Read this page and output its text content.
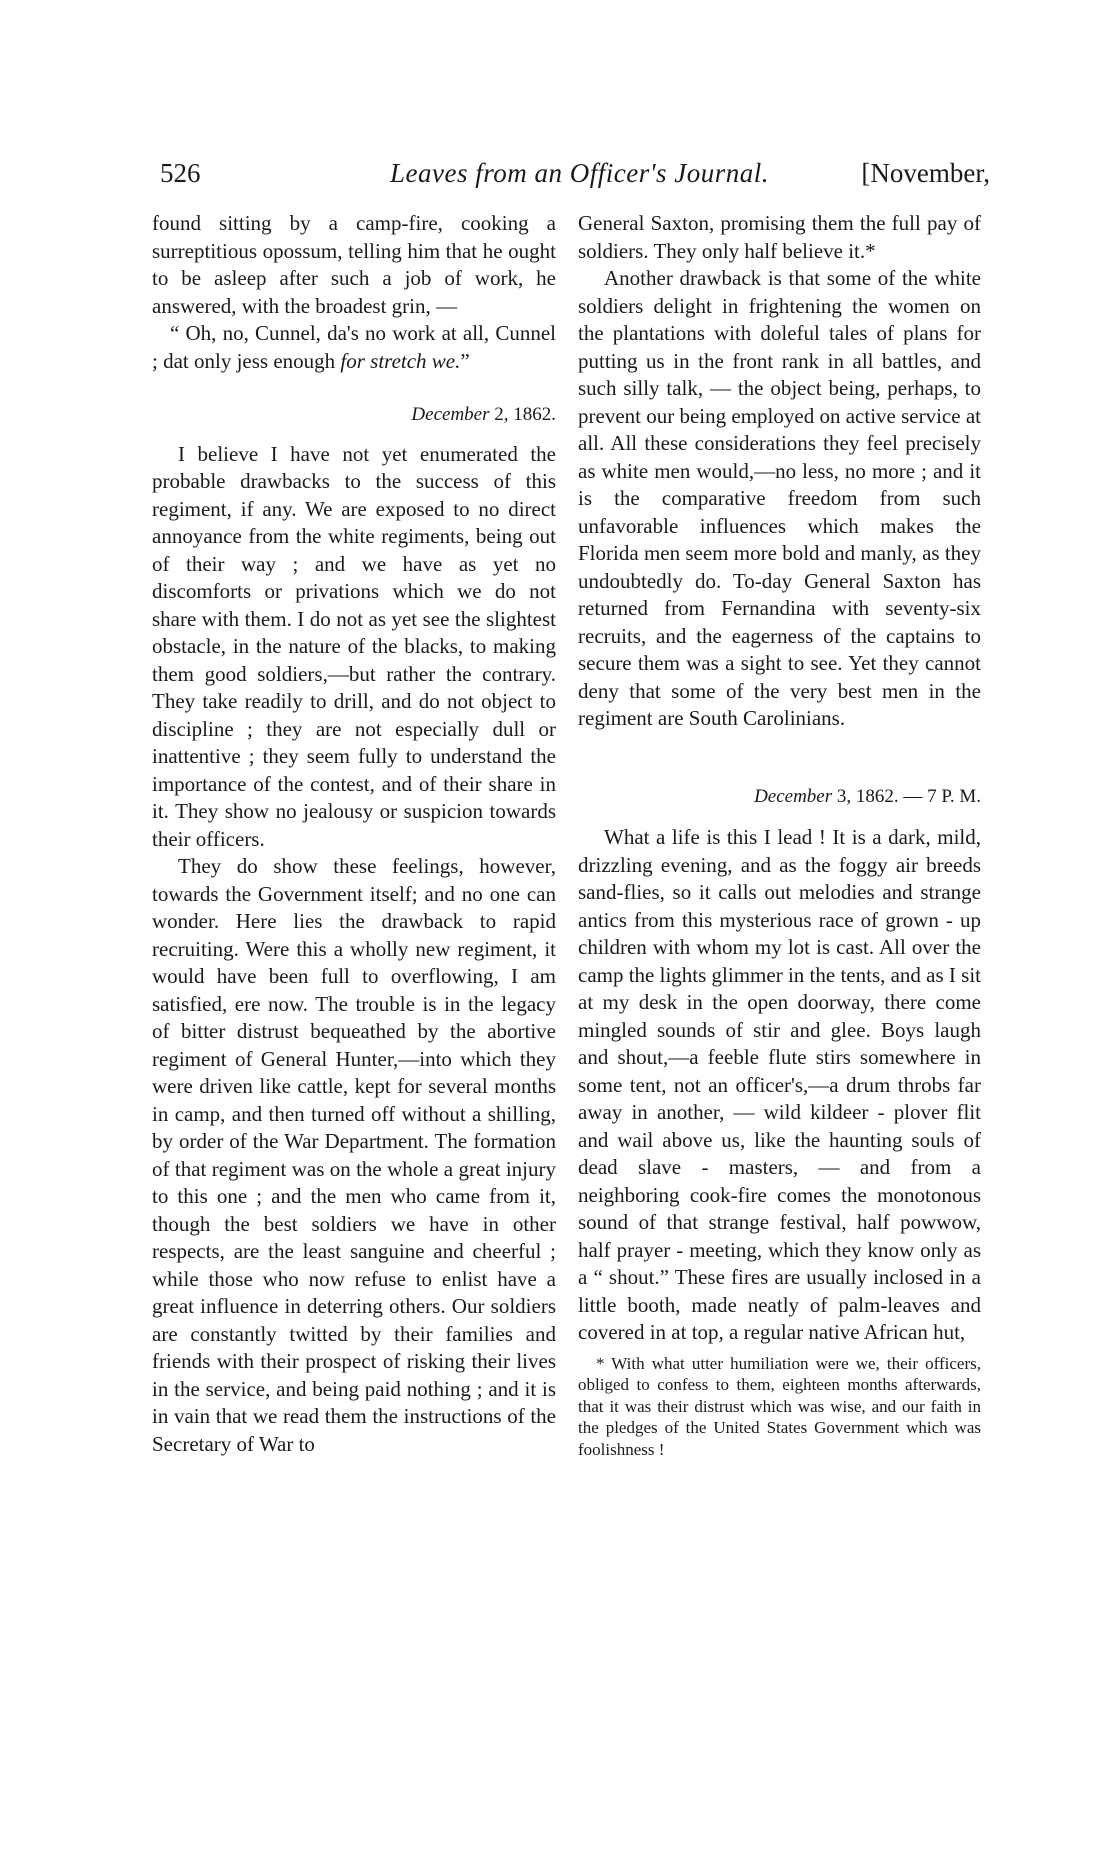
526	Leaves from an Officer's Journal.	[November,

found sitting by a camp-fire, cooking a surreptitious opossum, telling him that he ought to be asleep after such a job of work, he answered, with the broadest grin, —

“ Oh, no, Cunnel, da's no work at all, Cunnel ; dat only jess enough for stretch we.”

December 2, 1862.

I believe I have not yet enumerated the probable drawbacks to the success of this regiment, if any. We are exposed to no direct annoyance from the white regiments, being out of their way ; and we have as yet no discomforts or privations which we do not share with them. I do not as yet see the slightest obstacle, in the nature of the blacks, to making them good soldiers,—but rather the contrary. They take readily to drill, and do not object to discipline ; they are not especially dull or inattentive ; they seem fully to understand the importance of the contest, and of their share in it. They show no jealousy or suspicion towards their officers.

They do show these feelings, however, towards the Government itself; and no one can wonder. Here lies the drawback to rapid recruiting. Were this a wholly new regiment, it would have been full to overflowing, I am satisfied, ere now. The trouble is in the legacy of bitter distrust bequeathed by the abortive regiment of General Hunter,—into which they were driven like cattle, kept for several months in camp, and then turned off without a shilling, by order of the War Department. The formation of that regiment was on the whole a great injury to this one ; and the men who came from it, though the best soldiers we have in other respects, are the least sanguine and cheerful ; while those who now refuse to enlist have a great influence in deterring others. Our soldiers are constantly twitted by their families and friends with their prospect of risking their lives in the service, and being paid nothing ; and it is in vain that we read them the instructions of the Secretary of War to

General Saxton, promising them the full pay of soldiers. They only half believe it.*

Another drawback is that some of the white soldiers delight in frightening the women on the plantations with doleful tales of plans for putting us in the front rank in all battles, and such silly talk, — the object being, perhaps, to prevent our being employed on active service at all. All these considerations they feel precisely as white men would,—no less, no more ; and it is the comparative freedom from such unfavorable influences which makes the Florida men seem more bold and manly, as they undoubtedly do. To-day General Saxton has returned from Fernandina with seventy-six recruits, and the eagerness of the captains to secure them was a sight to see. Yet they cannot deny that some of the very best men in the regiment are South Carolinians.

December 3, 1862. — 7 P. M.

What a life is this I lead ! It is a dark, mild, drizzling evening, and as the foggy air breeds sand-flies, so it calls out melodies and strange antics from this mysterious race of grown - up children with whom my lot is cast. All over the camp the lights glimmer in the tents, and as I sit at my desk in the open doorway, there come mingled sounds of stir and glee. Boys laugh and shout,—a feeble flute stirs somewhere in some tent, not an officer's,—a drum throbs far away in another, — wild kildeer - plover flit and wail above us, like the haunting souls of dead slave - masters, — and from a neighboring cook-fire comes the monotonous sound of that strange festival, half powwow, half prayer - meeting, which they know only as a “ shout.” These fires are usually inclosed in a little booth, made neatly of palm-leaves and covered in at top, a regular native African hut,

* With what utter humiliation were we, their officers, obliged to confess to them, eighteen months afterwards, that it was their distrust which was wise, and our faith in the pledges of the United States Government which was foolishness !
